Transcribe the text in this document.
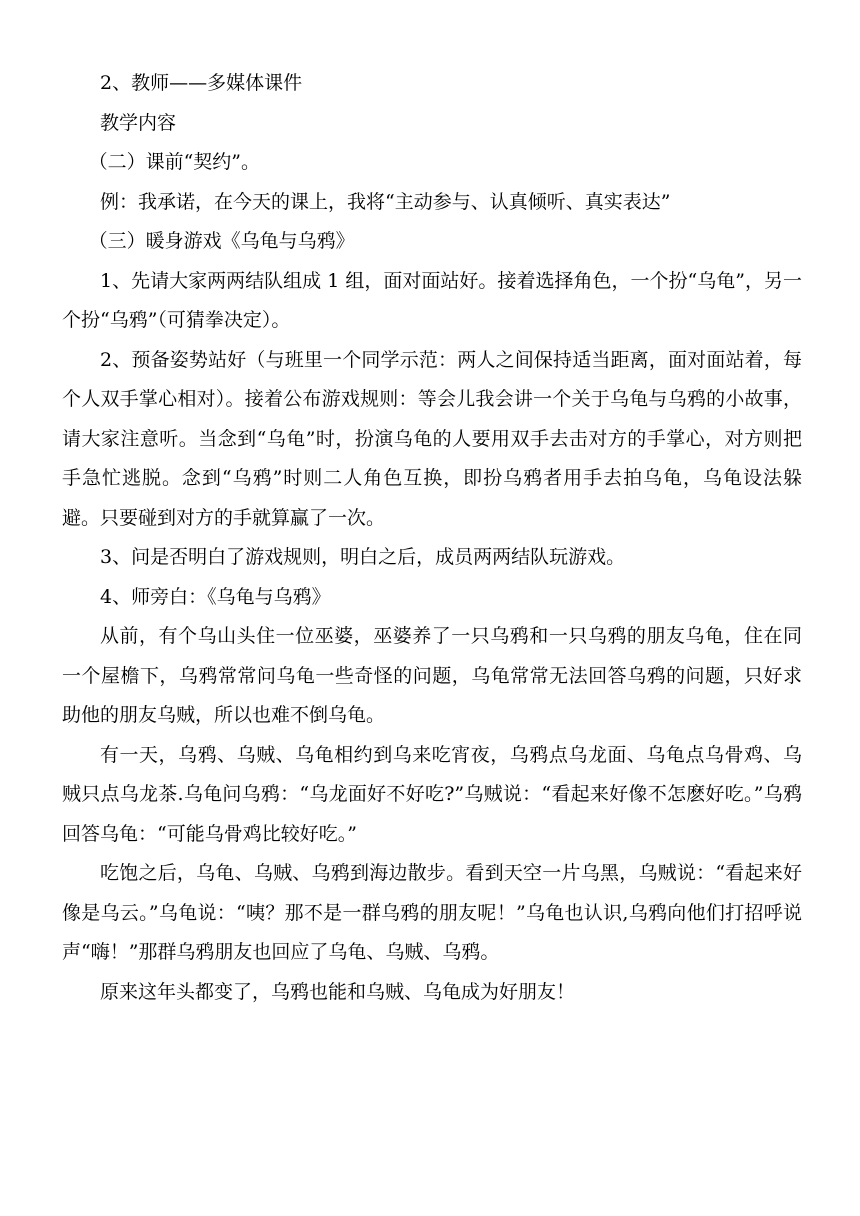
2、教师——多媒体课件

教学内容

（二）课前“契约”。

例：我承诺，在今天的课上，我将“主动参与、认真倾听、真实表达”

（三）暖身游戏《乌龟与乌鸦》

1、先请大家两两结队组成 1 组，面对面站好。接着选择角色，一个扮“乌龟”，另一个扮“乌鸦”（可猜拳决定）。

2、预备姿势站好（与班里一个同学示范：两人之间保持适当距离，面对面站着，每个人双手掌心相对）。接着公布游戏规则：等会儿我会讲一个关于乌龟与乌鸦的小故事，请大家注意听。当念到“乌龟”时，扮演乌龟的人要用双手去击对方的手掌心，对方则把手急忙逃脱。念到“乌鸦”时则二人角色互换，即扮乌鸦者用手去拍乌龟，乌龟设法躲避。只要碰到对方的手就算赢了一次。

3、问是否明白了游戏规则，明白之后，成员两两结队玩游戏。

4、师旁白：《乌龟与乌鸦》

从前，有个乌山头住一位巫婆，巫婆养了一只乌鸦和一只乌鸦的朋友乌龟，住在同一个屋檐下，乌鸦常常问乌龟一些奇怪的问题，乌龟常常无法回答乌鸦的问题，只好求助他的朋友乌贼，所以也难不倒乌龟。

有一天，乌鸦、乌贼、乌龟相约到乌来吃宵夜，乌鸦点乌龙面、乌龟点乌骨鸡、乌贼只点乌龙茶.乌龟问乌鸦：“乌龙面好不好吃?”乌贼说：“看起来好像不怎麽好吃。”乌鸦回答乌龟：“可能乌骨鸡比较好吃。”

吃饱之后，乌龟、乌贼、乌鸦到海边散步。看到天空一片乌黑，乌贼说：“看起来好像是乌云。”乌龟说：“咦？那不是一群乌鸦的朋友呢！”乌龟也认识,乌鸦向他们打招呼说声“嗨！”那群乌鸦朋友也回应了乌龟、乌贼、乌鸦。

原来这年头都变了，乌鸦也能和乌贼、乌龟成为好朋友！
